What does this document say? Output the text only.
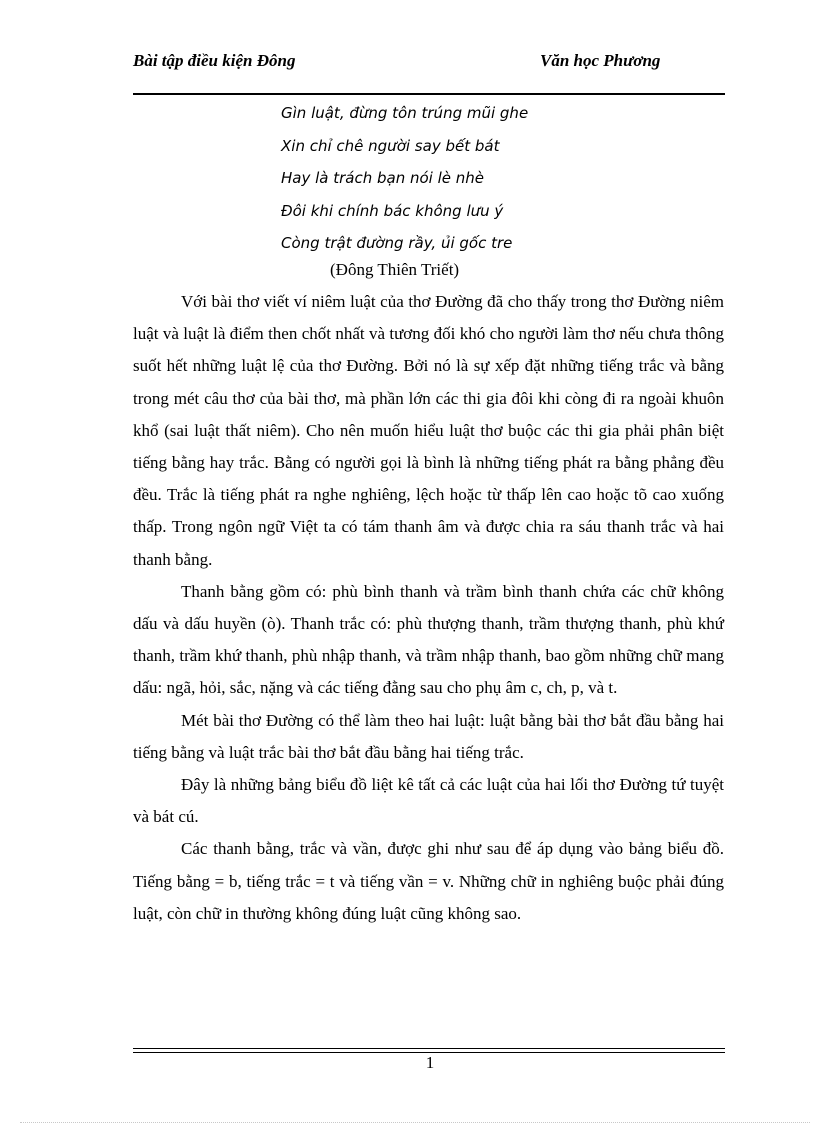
Bài tập điều kiện Đông	Văn học Phương
Gìn luật, đừng tôn trúng mũi ghe
Xin chỉ chê người say bết bát
Hay là trách bạn nói lè nhè
Đôi khi chính bác không lưu ý
Còng trật đường rầy, ủi gốc tre
(Đông Thiên Triết)

Với bài thơ viết ví niêm luật của thơ Đường đã cho thấy trong thơ Đường niêm luật và luật là điểm then chốt nhất và tương đối khó cho người làm thơ nếu chưa thông suốt hết những luật lệ của thơ Đường. Bởi nó là sự xếp đặt những tiếng trắc và bằng trong mét câu thơ của bài thơ, mà phần lớn các thi gia đôi khi còng đi ra ngoài khuôn khổ (sai luật thất niêm). Cho nên muốn hiểu luật thơ buộc các thi gia phải phân biệt tiếng bằng hay trắc. Bằng có người gọi là bình là những tiếng phát ra bằng phẳng đều đều. Trắc là tiếng phát ra nghe nghiêng, lệch hoặc từ thấp lên cao hoặc tõ cao xuống thấp. Trong ngôn ngữ Việt ta có tám thanh âm và được chia ra sáu thanh trắc và hai thanh bằng.

Thanh bằng gồm có: phù bình thanh và trầm bình thanh chứa các chữ không dấu và dấu huyền (ò). Thanh trắc có: phù thượng thanh, trầm thượng thanh, phù khứ thanh, trầm khứ thanh, phù nhập thanh, và trầm nhập thanh, bao gồm những chữ mang dấu: ngã, hỏi, sắc, nặng và các tiếng đằng sau cho phụ âm c, ch, p, và t.

Mét bài thơ Đường có thể làm theo hai luật: luật bằng bài thơ bắt đầu bằng hai tiếng bằng và luật trắc bài thơ bắt đầu bằng hai tiếng trắc.

Đây là những bảng biểu đồ liệt kê tất cả các luật của hai lối thơ Đường tứ tuyệt và bát cú.

Các thanh bằng, trắc và vần, được ghi như sau để áp dụng vào bảng biểu đồ. Tiếng bằng = b, tiếng trắc = t và tiếng vần = v. Những chữ in nghiêng buộc phải đúng luật, còn chữ in thường không đúng luật cũng không sao.

1
